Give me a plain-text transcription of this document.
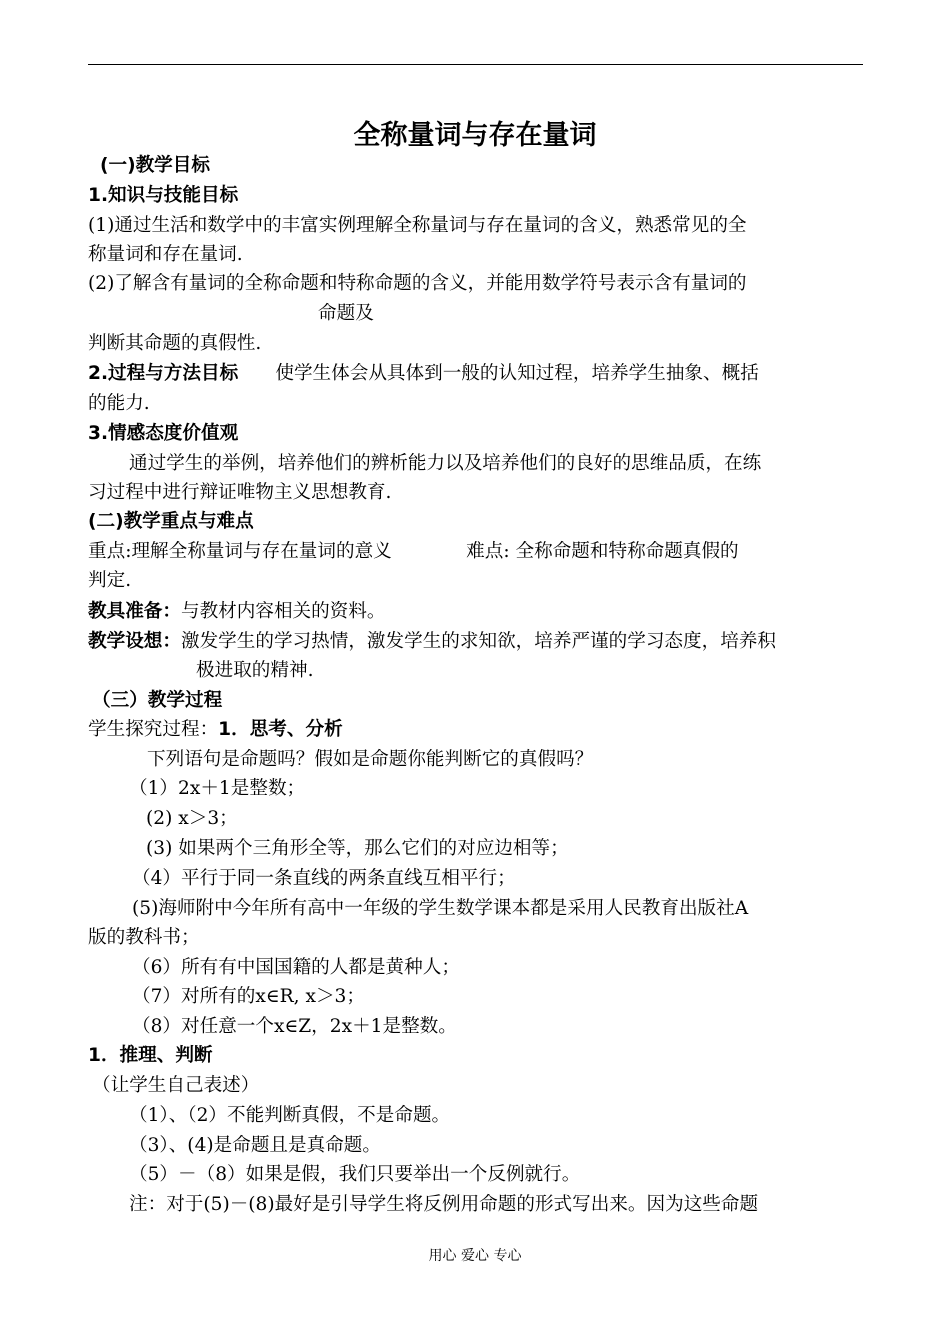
全称量词与存在量词
(一)教学目标
1.知识与技能目标
(1)通过生活和数学中的丰富实例理解全称量词与存在量词的含义，熟悉常见的全
称量词和存在量词.
(2)了解含有量词的全称命题和特称命题的含义，并能用数学符号表示含有量词的
命题及
判断其命题的真假性.
2.过程与方法目标　　使学生体会从具体到一般的认知过程，培养学生抽象、概括
的能力.
3.情感态度价值观
通过学生的举例，培养他们的辨析能力以及培养他们的良好的思维品质，在练
习过程中进行辩证唯物主义思想教育.
(二)教学重点与难点
重点:理解全称量词与存在量词的意义　　　　难点: 全称命题和特称命题真假的
判定.
教具准备：与教材内容相关的资料。
教学设想：激发学生的学习热情，激发学生的求知欲，培养严谨的学习态度，培养积
极进取的精神.
（三）教学过程
学生探究过程：1．思考、分析
下列语句是命题吗？假如是命题你能判断它的真假吗？
（1）2x＋1是整数；
(2) x＞3；
(3) 如果两个三角形全等，那么它们的对应边相等；
（4）平行于同一条直线的两条直线互相平行；
(5)海师附中今年所有高中一年级的学生数学课本都是采用人民教育出版社A
版的教科书；
（6）所有有中国国籍的人都是黄种人；
（7）对所有的x∈R, x＞3；
（8）对任意一个x∈Z，2x＋1是整数。
1．推理、判断
（让学生自己表述）
（1）、（2）不能判断真假，不是命题。
（3）、(4)是命题且是真命题。
（5）－（8）如果是假，我们只要举出一个反例就行。
注：对于(5)－(8)最好是引导学生将反例用命题的形式写出来。因为这些命题
用心 爱心 专心
